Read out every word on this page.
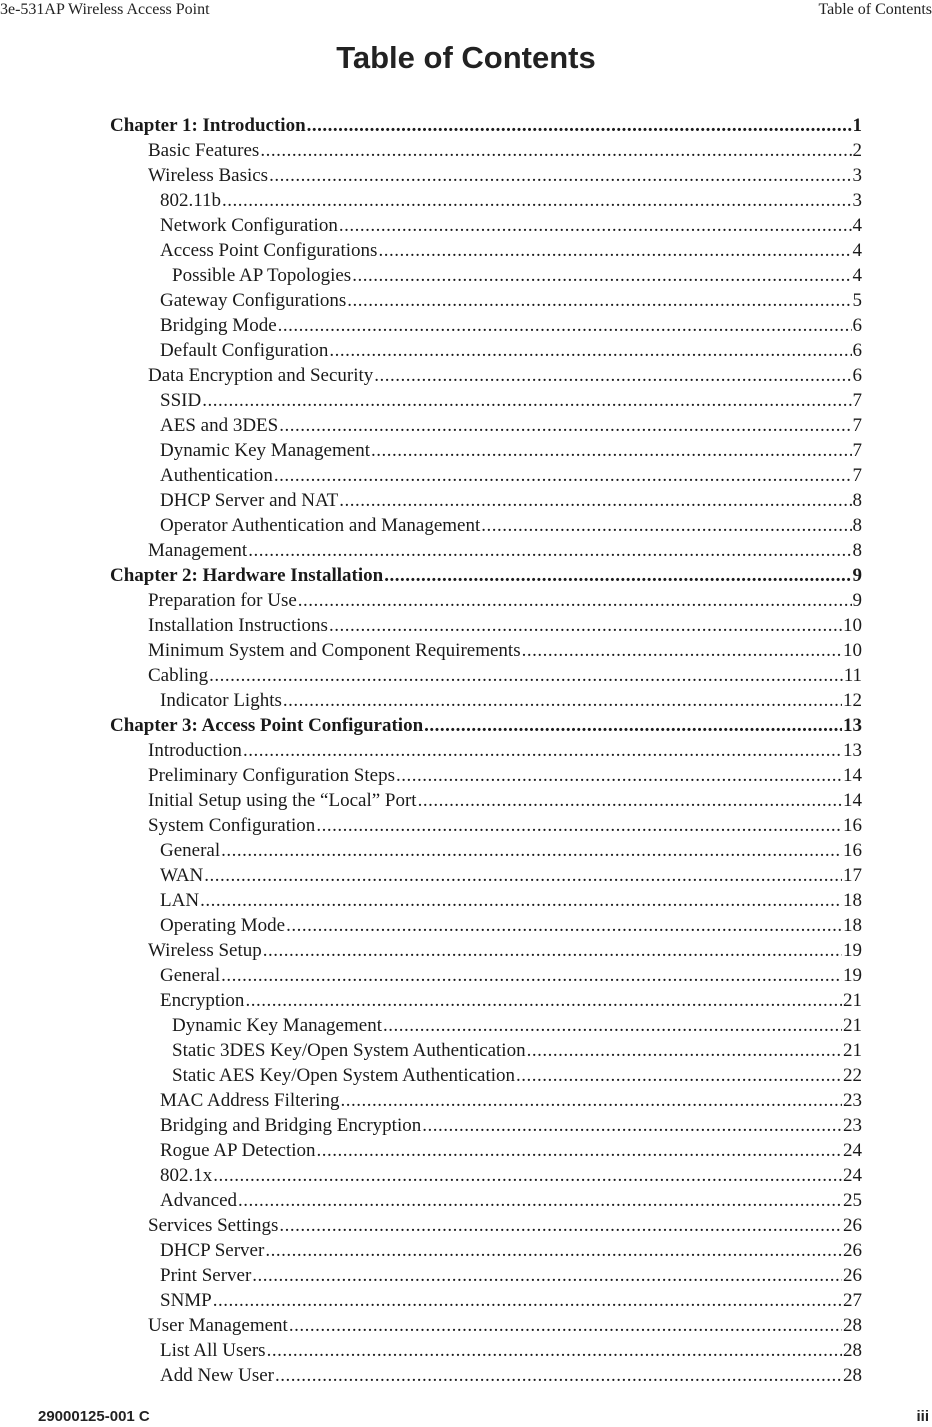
3e-531AP Wireless Access Point	Table of Contents
Table of Contents
Chapter 1: Introduction .....	1
Basic Features .....	2
Wireless Basics .....	3
802.11b .....	3
Network Configuration .....	4
Access Point Configurations .....	4
Possible AP Topologies .....	4
Gateway Configurations .....	5
Bridging Mode .....	6
Default Configuration .....	6
Data Encryption and Security .....	6
SSID .....	7
AES and 3DES .....	7
Dynamic Key Management .....	7
Authentication .....	7
DHCP Server and NAT .....	8
Operator Authentication and Management .....	8
Management .....	8
Chapter 2: Hardware Installation .....	9
Preparation for Use .....	9
Installation Instructions .....	10
Minimum System and Component Requirements .....	10
Cabling .....	11
Indicator Lights .....	12
Chapter 3: Access Point Configuration .....	13
Introduction .....	13
Preliminary Configuration Steps .....	14
Initial Setup using the “Local” Port .....	14
System Configuration .....	16
General .....	16
WAN .....	17
LAN .....	18
Operating Mode .....	18
Wireless Setup .....	19
General .....	19
Encryption .....	21
Dynamic Key Management .....	21
Static 3DES Key/Open System Authentication .....	21
Static AES Key/Open System Authentication .....	22
MAC Address Filtering .....	23
Bridging and Bridging Encryption .....	23
Rogue AP Detection .....	24
802.1x .....	24
Advanced .....	25
Services Settings .....	26
DHCP Server .....	26
Print Server .....	26
SNMP .....	27
User Management .....	28
List All Users .....	28
Add New User .....	28
29000125-001 C	iii
